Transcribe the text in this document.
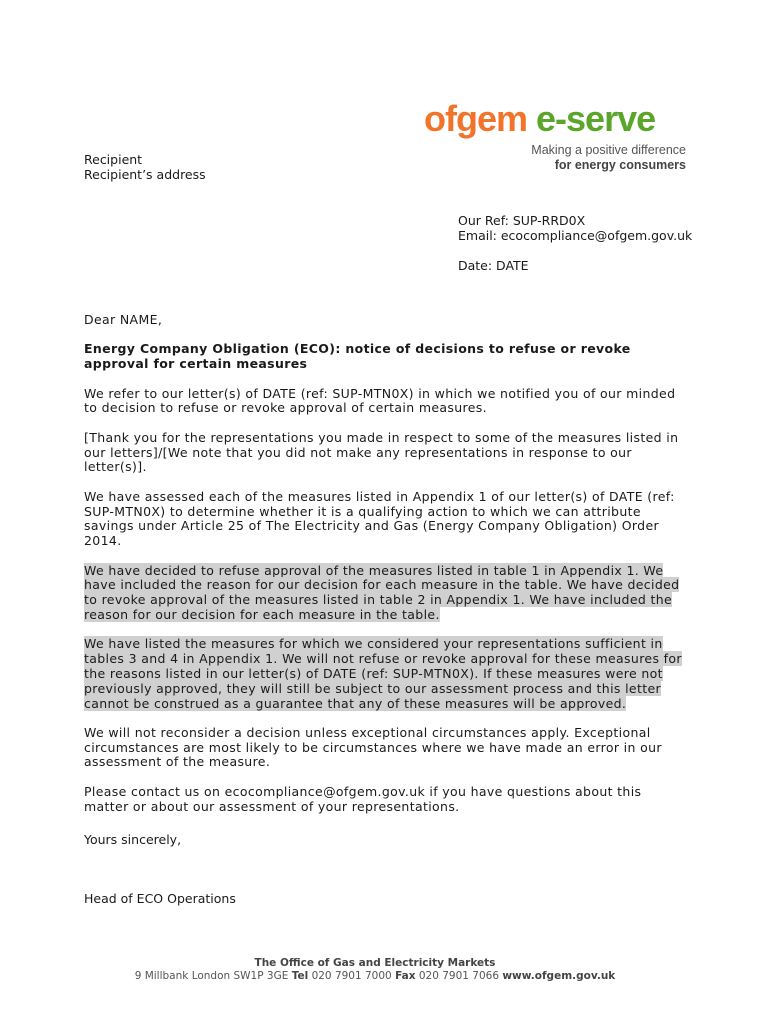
ofgem e-serve
Making a positive difference
for energy consumers
Recipient
Recipient’s address
Our Ref: SUP-RRD0X
Email: ecocompliance@ofgem.gov.uk
Date: DATE

Dear NAME,

Energy Company Obligation (ECO): notice of decisions to refuse or revoke approval for certain measures

We refer to our letter(s) of DATE (ref: SUP-MTN0X) in which we notified you of our minded to decision to refuse or revoke approval of certain measures.

[Thank you for the representations you made in respect to some of the measures listed in our letters]/[We note that you did not make any representations in response to our letter(s)].

We have assessed each of the measures listed in Appendix 1 of our letter(s) of DATE (ref: SUP-MTN0X) to determine whether it is a qualifying action to which we can attribute savings under Article 25 of The Electricity and Gas (Energy Company Obligation) Order 2014.

We have decided to refuse approval of the measures listed in table 1 in Appendix 1. We have included the reason for our decision for each measure in the table. We have decided to revoke approval of the measures listed in table 2 in Appendix 1. We have included the reason for our decision for each measure in the table.

We have listed the measures for which we considered your representations sufficient in tables 3 and 4 in Appendix 1. We will not refuse or revoke approval for these measures for the reasons listed in our letter(s) of DATE (ref: SUP-MTN0X). If these measures were not previously approved, they will still be subject to our assessment process and this letter cannot be construed as a guarantee that any of these measures will be approved.

We will not reconsider a decision unless exceptional circumstances apply. Exceptional circumstances are most likely to be circumstances where we have made an error in our assessment of the measure.

Please contact us on ecocompliance@ofgem.gov.uk if you have questions about this matter or about our assessment of your representations.

Yours sincerely,
Head of ECO Operations
The Office of Gas and Electricity Markets
9 Millbank London SW1P 3GE Tel 020 7901 7000 Fax 020 7901 7066 www.ofgem.gov.uk
